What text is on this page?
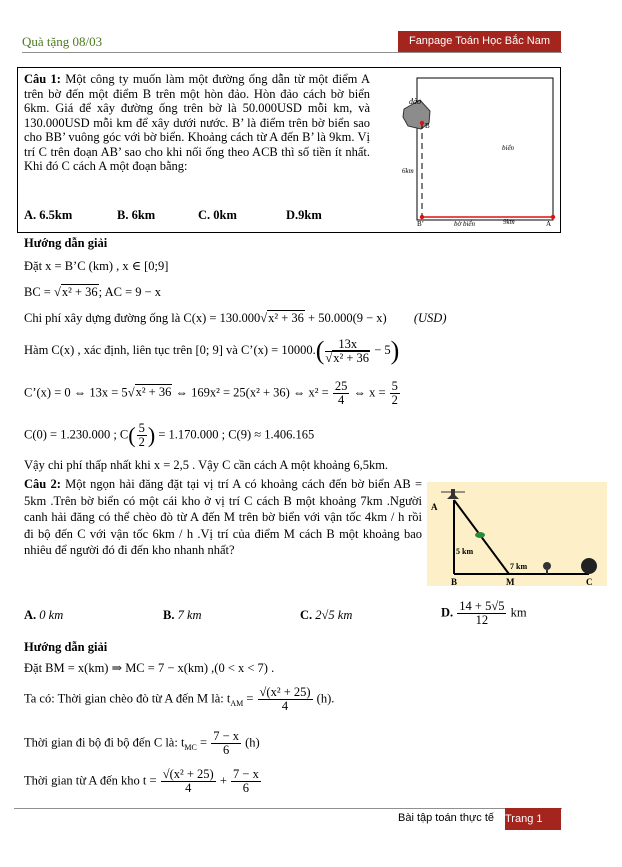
Quà tặng 08/03	Fanpage Toán Học Bắc Nam
Câu 1: Một công ty muốn làm một đường ống dẫn từ một điểm A trên bờ đến một điểm B trên một hòn đảo. Hòn đảo cách bờ biển 6km. Giá để xây đường ống trên bờ là 50.000USD mỗi km, và 130.000USD mỗi km để xây dưới nước. B’ là điểm trên bờ biển sao cho BB’ vuông góc với bờ biển. Khoảng cách từ A đến B’ là 9km. Vị trí C trên đoạn AB’ sao cho khi nối ống theo ACB thì số tiền ít nhất. Khi đó C cách A một đoạn bằng:
A. 6.5km	B. 6km	C. 0km	D.9km
đảo
B
biển
6km
B’	bờ biển	9km	A
Hướng dẫn giải
Đặt x = B’C (km) , x ∈ [0;9]
BC = √x² + 36; AC = 9 − x
Chi phí xây dựng đường ống là C(x) = 130.000√x² + 36 + 50.000(9 − x) (USD)
Hàm C(x) , xác định, liên tục trên [0; 9] và C’(x) = $10000.( \frac{13x}{\text{√x² + 36}} - 5)$
C’(x) = 0 ⇔ 13x = 5√x² + 36 ⇔ 169x² = 25(x² + 36) ⇔ $x^2 = \frac{25}{4}$ ⇔ $x = \frac{5}{2}$
C(0) = 1.230.000 ; $C( \frac{5}{2}$ ) = 1.170.000 ; C(9) ≈ 1.406.165
Vậy chi phí thấp nhất khi x = 2,5 . Vậy C cần cách A một khoảng 6,5km.
Câu 2: Một ngọn hải đăng đặt tại vị trí A có khoảng cách đến bờ biển AB = 5km .Trên bờ biển có một cái kho ở vị trí C cách B một khoảng 7km .Người canh hải đăng có thể chèo đò từ A đến M trên bờ biển với vận tốc 4km / h rồi đi bộ đến C với vận tốc 6km / h .Vị trí của điểm M cách B một khoảng bao nhiêu để người đó đi đến kho nhanh nhất?
A
5 km
7 km
B	M	C
A. 0 km	B. 7 km	C. 2√5 km	D. $\frac{14 + 5√5}{12}$ km
Hướng dẫn giải
Đặt BM = x(km) ⇒ MC = 7 − x(km) ,(0 < x < 7) .
Ta có: Thời gian chèo đò từ A đến M là: $t_{AM} = \frac{\text{√(x² + 25)}}{4} (h)$.
Thời gian đi bộ đi bộ đến C là: $t_{MC} = \frac{7 - x}{6} (h)$
Thời gian từ A đến kho $t = \frac{\text{√(x² + 25)}}{4} + \frac{7 - x}{6}$
Bài tập toán thực tế Trang 1
